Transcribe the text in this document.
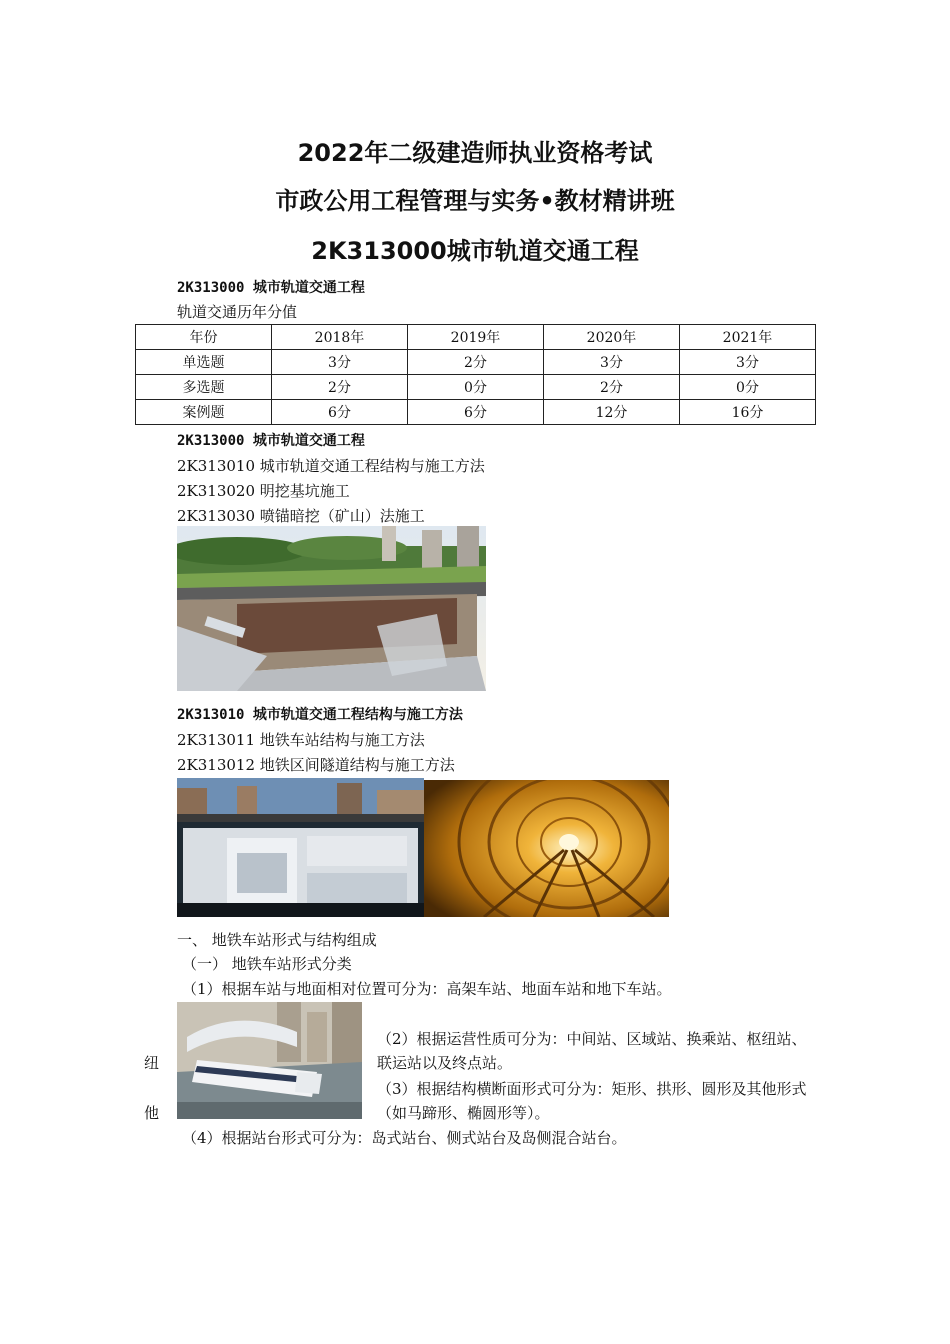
2022年二级建造师执业资格考试
市政公用工程管理与实务•教材精讲班
2K313000城市轨道交通工程
2K313000 城市轨道交通工程
轨道交通历年分值
年份	2018年	2019年	2020年	2021年
单选题	3分	2分	3分	3分
多选题	2分	0分	2分	0分
案例题	6分	6分	12分	16分
2K313000 城市轨道交通工程
2K313010 城市轨道交通工程结构与施工方法
2K313020 明挖基坑施工
2K313030 喷锚暗挖（矿山）法施工
2K313010 城市轨道交通工程结构与施工方法
2K313011 地铁车站结构与施工方法
2K313012 地铁区间隧道结构与施工方法
一、 地铁车站形式与结构组成
（一） 地铁车站形式分类
（1）根据车站与地面相对位置可分为：高架车站、地面车站和地下车站。
纽
他
（2）根据运营性质可分为：中间站、区域站、换乘站、枢纽站、联运站以及终点站。
（3）根据结构横断面形式可分为：矩形、拱形、圆形及其他形式（如马蹄形、椭圆形等）。
（4）根据站台形式可分为：岛式站台、侧式站台及岛侧混合站台。
